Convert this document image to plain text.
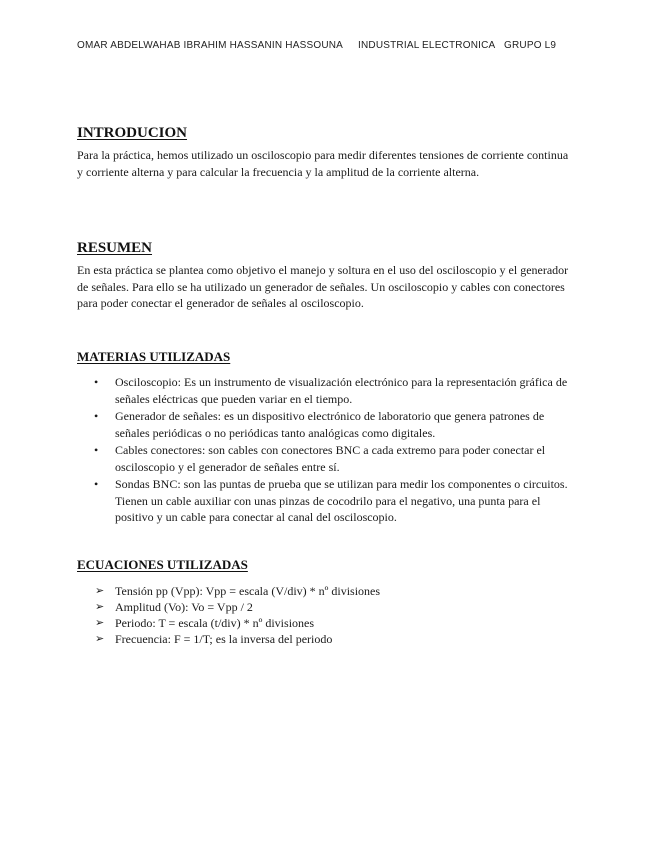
OMAR ABDELWAHAB IBRAHIM HASSANIN HASSOUNA INDUSTRIAL ELECTRONICA GRUPO L9
INTRODUCION

Para la práctica, hemos utilizado un osciloscopio para medir diferentes tensiones de corriente continua y corriente alterna y para calcular la frecuencia y la amplitud de la corriente alterna.

RESUMEN

En esta práctica se plantea como objetivo el manejo y soltura en el uso del osciloscopio y el generador de señales. Para ello se ha utilizado un generador de señales. Un osciloscopio y cables con conectores para poder conectar el generador de señales al osciloscopio.

MATERIAS UTILIZADAS
• Osciloscopio: Es un instrumento de visualización electrónico para la representación gráfica de señales eléctricas que pueden variar en el tiempo.
• Generador de señales: es un dispositivo electrónico de laboratorio que genera patrones de señales periódicas o no periódicas tanto analógicas como digitales.
• Cables conectores: son cables con conectores BNC a cada extremo para poder conectar el osciloscopio y el generador de señales entre sí.
• Sondas BNC: son las puntas de prueba que se utilizan para medir los componentes o circuitos. Tienen un cable auxiliar con unas pinzas de cocodrilo para el negativo, una punta para el positivo y un cable para conectar al canal del osciloscopio.
ECUACIONES UTILIZADAS
➢ Tensión pp (Vpp): Vpp = escala (V/div) * nº divisiones
➢ Amplitud (Vo): Vo = Vpp / 2
➢ Periodo: T = escala (t/div) * nº divisiones
➢ Frecuencia: F = 1/T; es la inversa del periodo
